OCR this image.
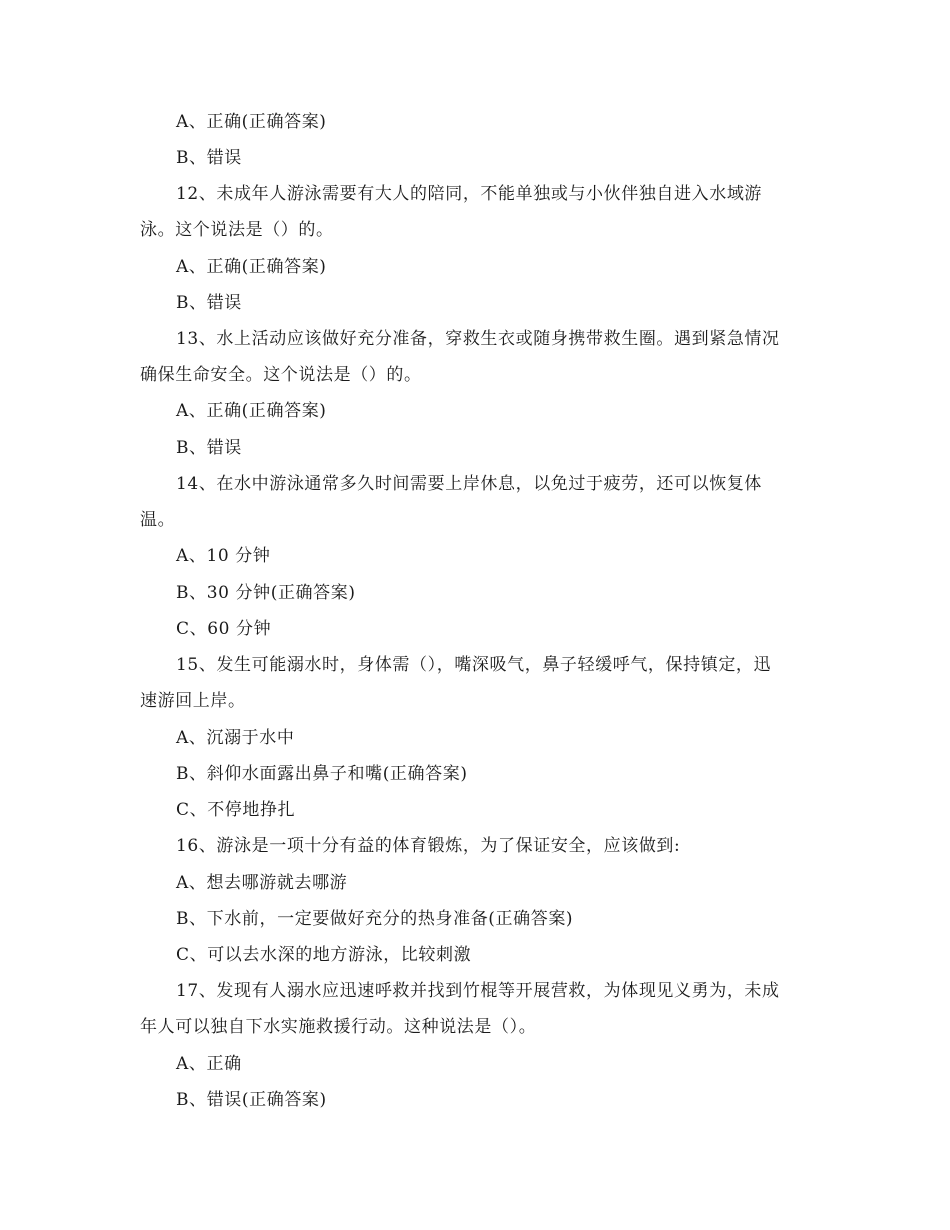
A、正确(正确答案)
B、错误
12、未成年人游泳需要有大人的陪同，不能单独或与小伙伴独自进入水域游
泳。这个说法是（）的。
A、正确(正确答案)
B、错误
13、水上活动应该做好充分准备，穿救生衣或随身携带救生圈。遇到紧急情况
确保生命安全。这个说法是（）的。
A、正确(正确答案)
B、错误
14、在水中游泳通常多久时间需要上岸休息，以免过于疲劳，还可以恢复体
温。
A、10 分钟
B、30 分钟(正确答案)
C、60 分钟
15、发生可能溺水时，身体需（），嘴深吸气，鼻子轻缓呼气，保持镇定，迅
速游回上岸。
A、沉溺于水中
B、斜仰水面露出鼻子和嘴(正确答案)
C、不停地挣扎
16、游泳是一项十分有益的体育锻炼，为了保证安全，应该做到:
A、想去哪游就去哪游
B、下水前，一定要做好充分的热身准备(正确答案)
C、可以去水深的地方游泳，比较刺激
17、发现有人溺水应迅速呼救并找到竹棍等开展营救，为体现见义勇为，未成
年人可以独自下水实施救援行动。这种说法是（）。
A、正确
B、错误(正确答案)
